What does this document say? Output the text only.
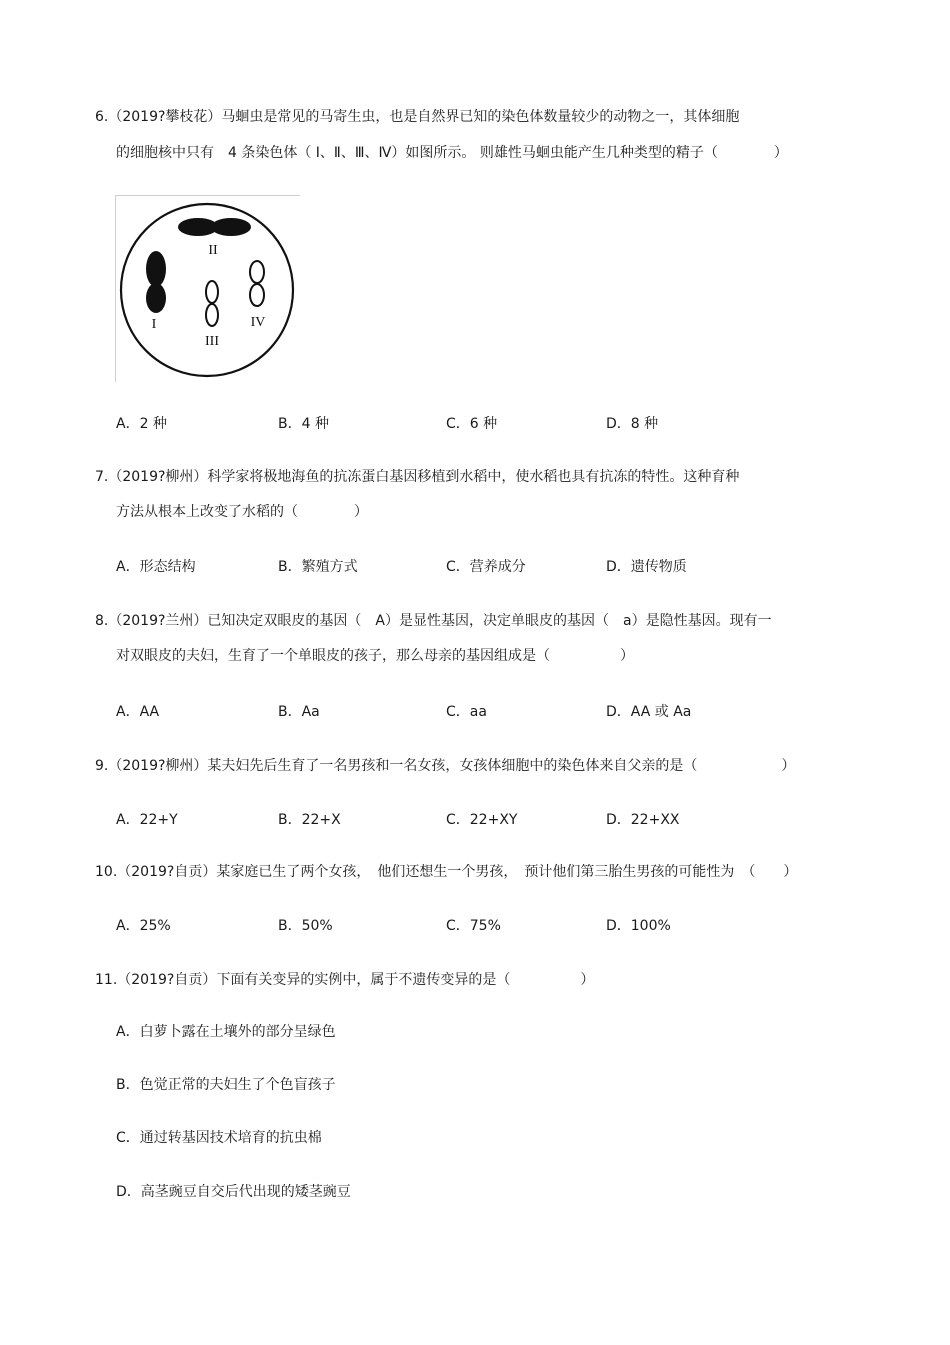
6.（2019?攀枝花）马蛔虫是常见的马寄生虫，也是自然界已知的染色体数量较少的动物之一，其体细胞
的细胞核中只有　4 条染色体（ Ⅰ、Ⅱ、Ⅲ、Ⅳ）如图所示。 则雄性马蛔虫能产生几种类型的精子（　　　　）
II
I
III
IV
A．2 种	B．4 种	C．6 种	D．8 种
7.（2019?柳州）科学家将极地海鱼的抗冻蛋白基因移植到水稻中，使水稻也具有抗冻的特性。这种育种
方法从根本上改变了水稻的（　　　　）
A．形态结构	B．繁殖方式	C．营养成分	D．遗传物质
8.（2019?兰州）已知决定双眼皮的基因（　A）是显性基因，决定单眼皮的基因（　a）是隐性基因。现有一
对双眼皮的夫妇，生育了一个单眼皮的孩子，那么母亲的基因组成是（　　　　　）
A．AA	B．Aa	C．aa	D．AA 或 Aa
9.（2019?柳州）某夫妇先后生育了一名男孩和一名女孩，女孩体细胞中的染色体来自父亲的是（　　　　　　）
A．22+Y	B．22+X	C．22+XY	D．22+XX
10.（2019?自贡）某家庭已生了两个女孩，　他们还想生一个男孩，　预计他们第三胎生男孩的可能性为　（　　）
A．25%	B．50%	C．75%	D．100%
11.（2019?自贡）下面有关变异的实例中，属于不遗传变异的是（　　　　　）
A．白萝卜露在土壤外的部分呈绿色
B．色觉正常的夫妇生了个色盲孩子
C．通过转基因技术培育的抗虫棉
D．高茎豌豆自交后代出现的矮茎豌豆
